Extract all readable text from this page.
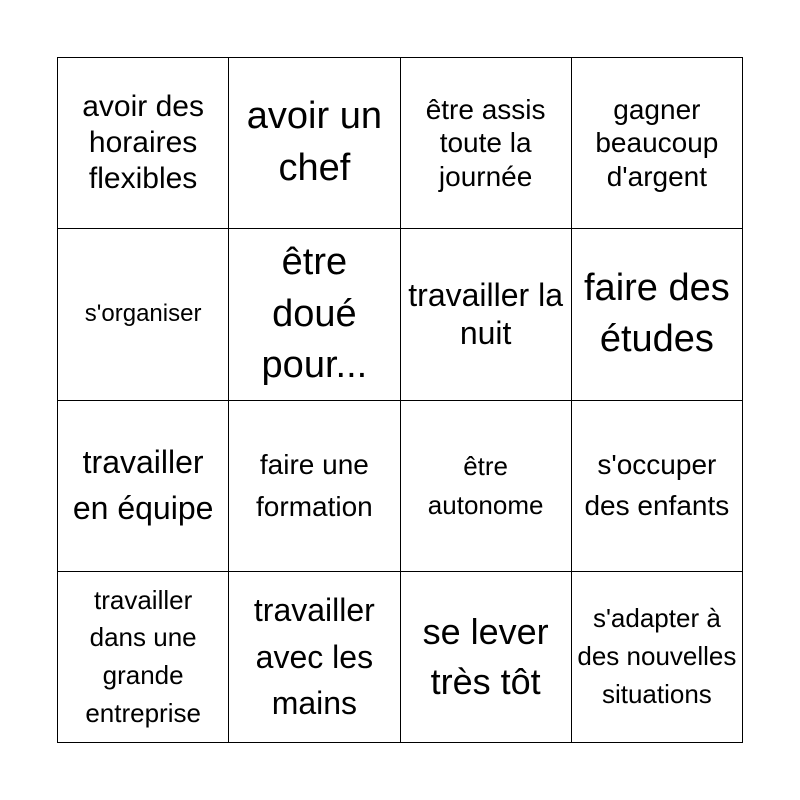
avoir des horaires flexibles
avoir un chef
être assis toute la journée
gagner beaucoup d'argent
s'organiser
être doué pour...
travailler la nuit
faire des études
travailler en équipe
faire une formation
être autonome
s'occuper des enfants
travailler dans une grande entreprise
travailler avec les mains
se lever très tôt
s'adapter à des nouvelles situations
